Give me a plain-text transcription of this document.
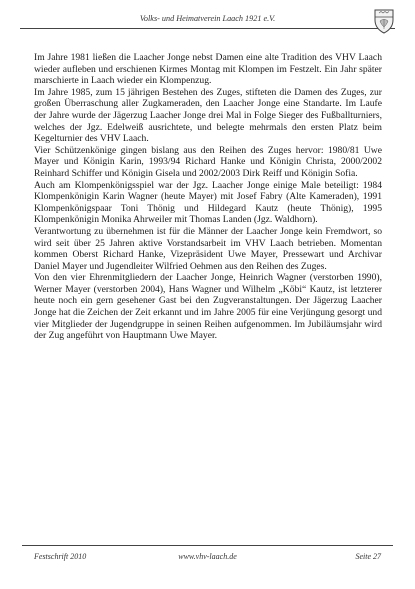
Volks- und Heimatverein Laach 1921 e.V.

Im Jahre 1981 ließen die Laacher Jonge nebst Damen eine alte Tradition des VHV Laach wieder aufleben und erschienen Kirmes Montag mit Klompen im Festzelt. Ein Jahr später marschierte in Laach wieder ein Klompenzug.

Im Jahre 1985, zum 15 jährigen Bestehen des Zuges, stifteten die Damen des Zuges, zur großen Überraschung aller Zugkameraden, den Laacher Jonge eine Standarte. Im Laufe der Jahre wurde der Jägerzug Laacher Jonge drei Mal in Folge Sieger des Fußballturniers, welches der Jgz. Edelweiß ausrichtete, und belegte mehrmals den ersten Platz beim Kegelturnier des VHV Laach.

Vier Schützenkönige gingen bislang aus den Reihen des Zuges hervor: 1980/81 Uwe Mayer und Königin Karin, 1993/94 Richard Hanke und Königin Christa, 2000/2002 Reinhard Schiffer und Königin Gisela und 2002/2003 Dirk Reiff und Königin Sofia.

Auch am Klompenkönigsspiel war der Jgz. Laacher Jonge einige Male beteiligt: 1984 Klompenkönigin Karin Wagner (heute Mayer) mit Josef Fabry (Alte Kameraden), 1991 Klompenkönigspaar Toni Thönig und Hildegard Kautz (heute Thönig), 1995 Klompenkönigin Monika Ahrweiler mit Thomas Landen (Jgz. Waldhorn).

Verantwortung zu übernehmen ist für die Männer der Laacher Jonge kein Fremdwort, so wird seit über 25 Jahren aktive Vorstandsarbeit im VHV Laach betrieben. Momentan kommen Oberst Richard Hanke, Vizepräsident Uwe Mayer, Pressewart und Archivar Daniel Mayer und Jugendleiter Wilfried Oehmen aus den Reihen des Zuges.

Von den vier Ehrenmitgliedern der Laacher Jonge, Heinrich Wagner (verstorben 1990), Werner Mayer (verstorben 2004), Hans Wagner und Wilhelm „Köbi“ Kautz, ist letzterer heute noch ein gern gesehener Gast bei den Zugveranstaltungen. Der Jägerzug Laacher Jonge hat die Zeichen der Zeit erkannt und im Jahre 2005 für eine Verjüngung gesorgt und vier Mitglieder der Jugendgruppe in seinen Reihen aufgenommen. Im Jubiläumsjahr wird der Zug angeführt von Hauptmann Uwe Mayer.

www.vhv-laach.de
Festschrift 2010	Seite 27
